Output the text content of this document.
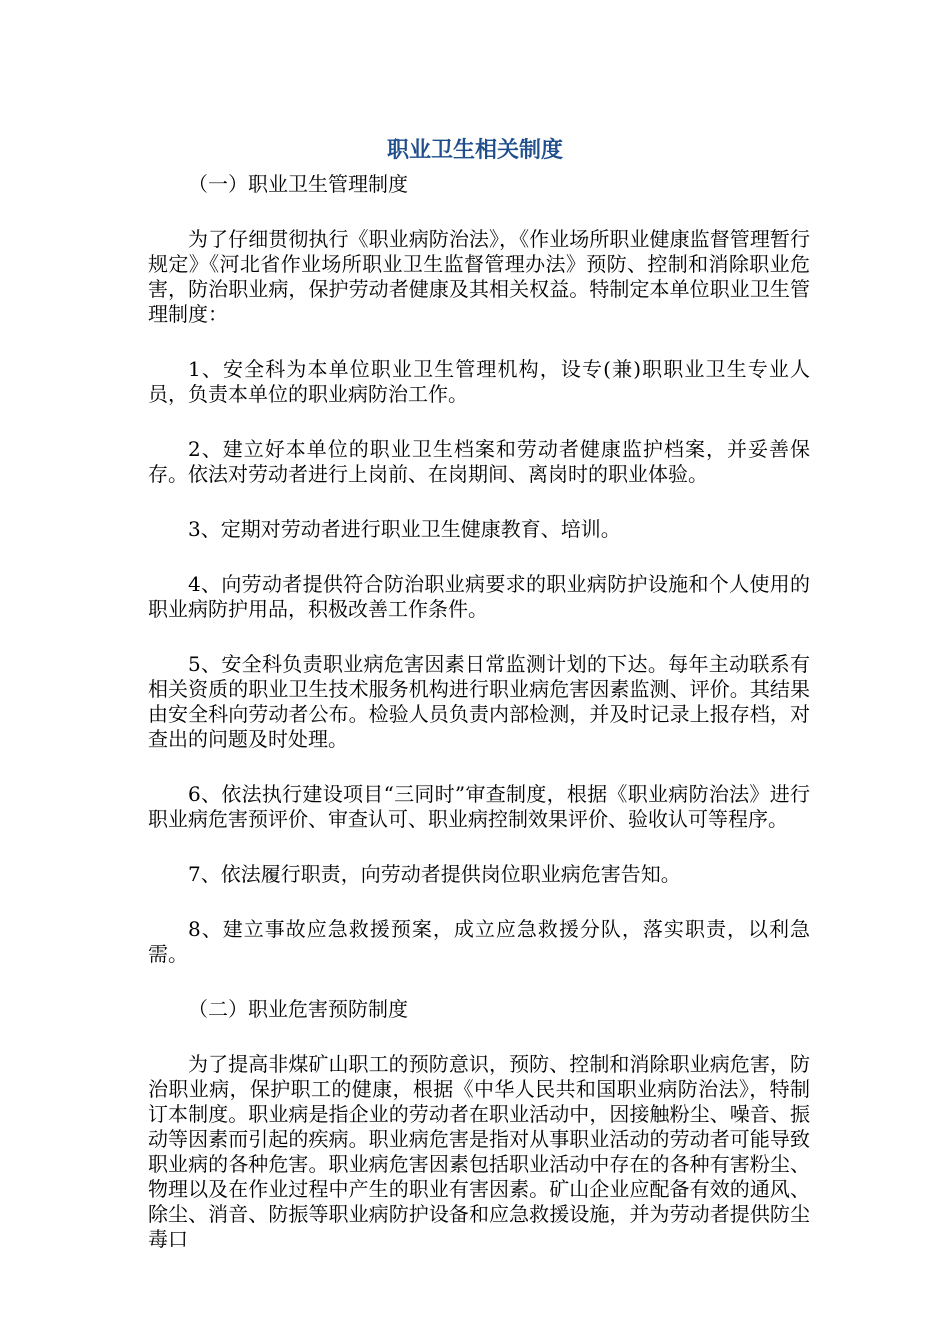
职业卫生相关制度
（一）职业卫生管理制度

为了仔细贯彻执行《职业病防治法》，《作业场所职业健康监督管理暂行规定》《河北省作业场所职业卫生监督管理办法》预防、控制和消除职业危害，防治职业病，保护劳动者健康及其相关权益。特制定本单位职业卫生管理制度：

1、安全科为本单位职业卫生管理机构，设专(兼)职职业卫生专业人员，负责本单位的职业病防治工作。

2、建立好本单位的职业卫生档案和劳动者健康监护档案，并妥善保存。依法对劳动者进行上岗前、在岗期间、离岗时的职业体验。

3、定期对劳动者进行职业卫生健康教育、培训。

4、向劳动者提供符合防治职业病要求的职业病防护设施和个人使用的职业病防护用品，积极改善工作条件。

5、安全科负责职业病危害因素日常监测计划的下达。每年主动联系有相关资质的职业卫生技术服务机构进行职业病危害因素监测、评价。其结果由安全科向劳动者公布。检验人员负责内部检测，并及时记录上报存档，对查出的问题及时处理。

6、依法执行建设项目“三同时”审查制度，根据《职业病防治法》进行职业病危害预评价、审查认可、职业病控制效果评价、验收认可等程序。

7、依法履行职责，向劳动者提供岗位职业病危害告知。

8、建立事故应急救援预案，成立应急救援分队，落实职责，以利急需。

（二）职业危害预防制度

为了提高非煤矿山职工的预防意识，预防、控制和消除职业病危害，防治职业病，保护职工的健康，根据《中华人民共和国职业病防治法》，特制订本制度。职业病是指企业的劳动者在职业活动中，因接触粉尘、噪音、振动等因素而引起的疾病。职业病危害是指对从事职业活动的劳动者可能导致职业病的各种危害。职业病危害因素包括职业活动中存在的各种有害粉尘、物理以及在作业过程中产生的职业有害因素。矿山企业应配备有效的通风、除尘、消音、防振等职业病防护设备和应急救援设施，并为劳动者提供防尘毒口
